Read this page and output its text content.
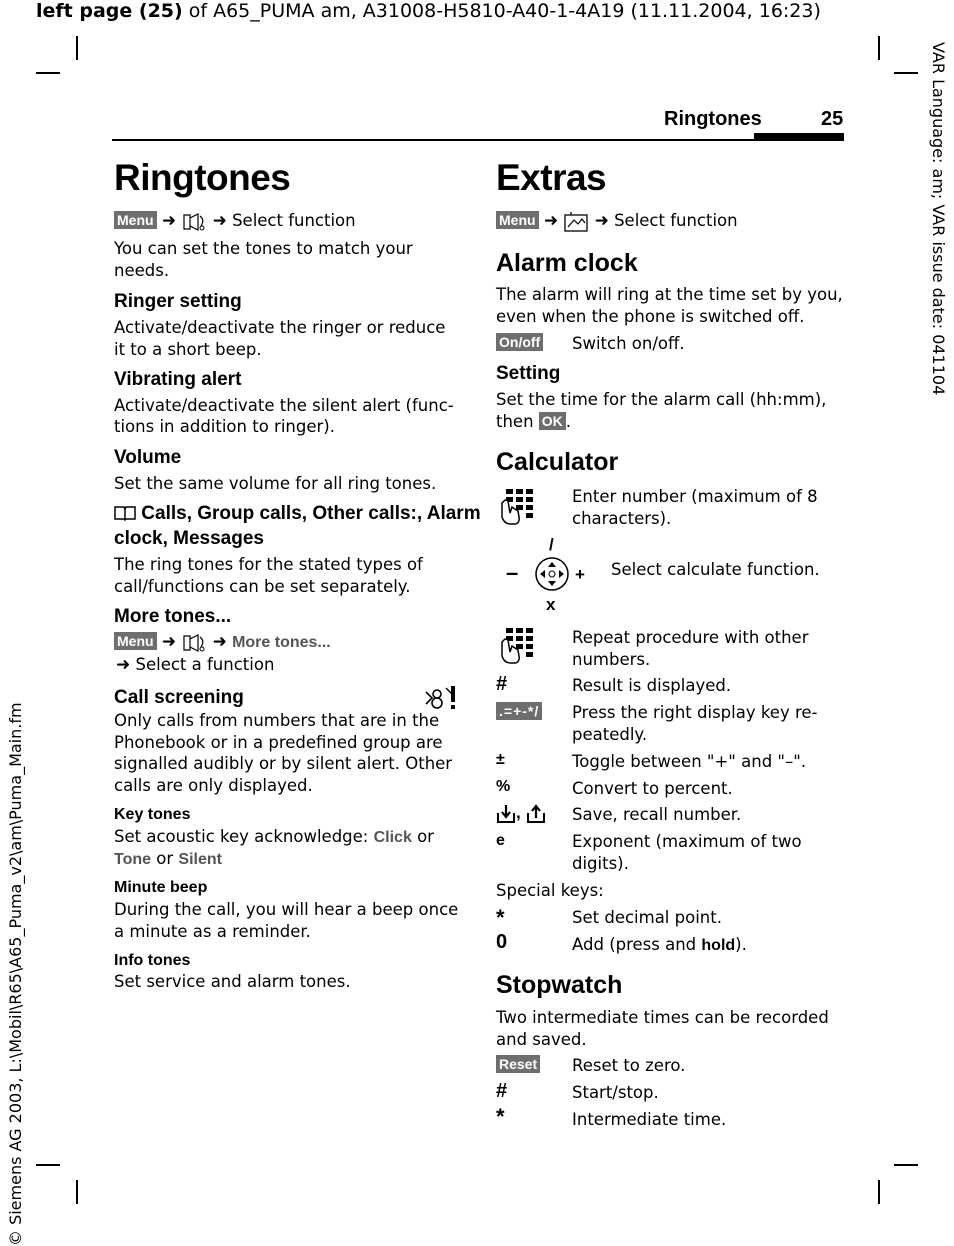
left page (25) of A65_PUMA am, A31008-H5810-A40-1-4A19 (11.11.2004, 16:23)
VAR Language: am; VAR issue date: 041104
© Siemens AG 2003, L:\Mobil\R65\A65_Puma_v2\am\Puma_Main.fm
Ringtones	25
Ringtones
Menu ➜ ➜ Select function
You can set the tones to match your needs.
Ringer setting
Activate/deactivate the ringer or reduce it to a short beep.
Vibrating alert
Activate/deactivate the silent alert (func-
tions in addition to ringer).
Volume
Set the same volume for all ring tones.
Calls, Group calls, Other calls:, Alarm
clock, Messages
The ring tones for the stated types of call/functions can be set separately.
More tones...
Menu ➜ ➜ More tones...
➜ Select a function
Call screening
Only calls from numbers that are in the Phonebook or in a predefined group are signalled audibly or by silent alert. Other calls are only displayed.
Key tones
Set acoustic key acknowledge: Click or
Tone or Silent
Minute beep
During the call, you will hear a beep once a minute as a reminder.
Info tones
Set service and alarm tones.
Extras
Menu ➜ ➜ Select function
Alarm clock
The alarm will ring at the time set by you, even when the phone is switched off.
On/off Switch on/off.
Setting
Set the time for the alarm call (hh:mm),
then OK .
Calculator
Enter number (maximum of 8 characters).
/
–	+
x
Select calculate function.
Repeat procedure with other numbers.
#	Result is displayed.
.=+-*/ Press the right display key re-peatedly.
±	Toggle between "+" and "–".
%	Convert to percent.
,	Save, recall number.
e	Exponent (maximum of two digits).
Special keys:
*	Set decimal point.
0	Add (press and hold).
Stopwatch
Two intermediate times can be recorded and saved.
Reset Reset to zero.
#	Start/stop.
*	Intermediate time.
